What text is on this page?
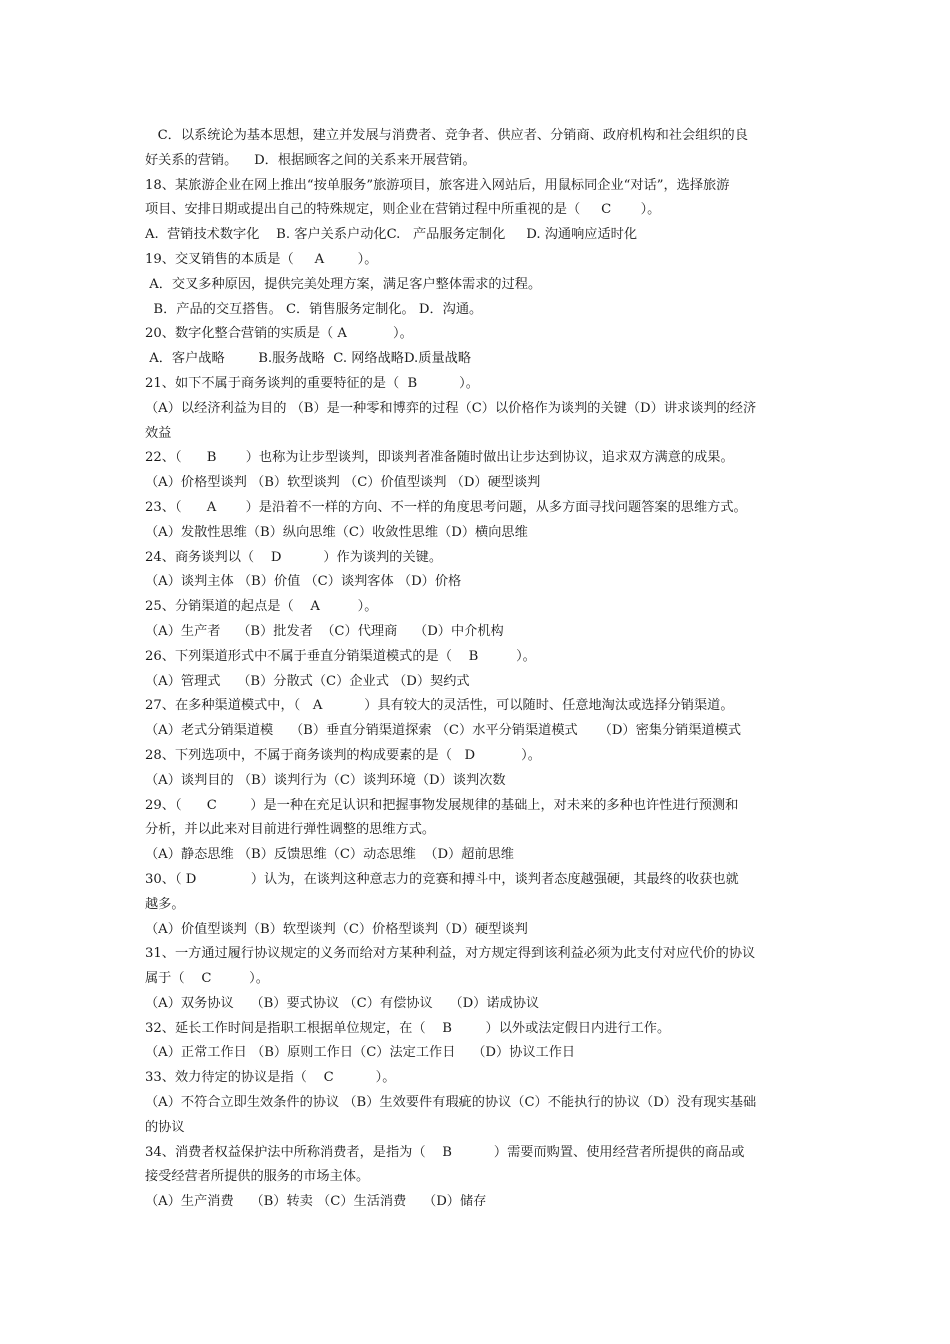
C．以系统论为基本思想，建立并发展与消费者、竞争者、供应者、分销商、政府机构和社会组织的良
好关系的营销。    D．根据顾客之间的关系来开展营销。
18、某旅游企业在网上推出“按单服务”旅游项目，旅客进入网站后，用鼠标同企业“对话”，选择旅游
项目、安排日期或提出自己的特殊规定，则企业在营销过程中所重视的是（     C       ）。
A.  营销技术数字化    B. 客户关系户动化C.   产品服务定制化     D. 沟通响应适时化
19、交叉销售的本质是（     A        ）。
A．交叉多种原因，提供完美处理方案，满足客户整体需求的过程。
B．产品的交互搭售。 C．销售服务定制化。 D．沟通。
20、数字化整合营销的实质是（ A           ）。
A．客户战略        B.服务战略  C. 网络战略D.质量战略
21、如下不属于商务谈判的重要特征的是（  B          ）。
（A）以经济利益为目的 （B）是一种零和博弈的过程（C）以价格作为谈判的关键（D）讲求谈判的经济
效益
22、（      B       ）也称为让步型谈判，即谈判者准备随时做出让步达到协议，追求双方满意的成果。
（A）价格型谈判 （B）软型谈判 （C）价值型谈判 （D）硬型谈判
23、（      A       ）是沿着不一样的方向、不一样的角度思考问题，从多方面寻找问题答案的思维方式。
（A）发散性思维（B）纵向思维（C）收敛性思维（D）横向思维
24、商务谈判以（    D          ）作为谈判的关键。
（A）谈判主体 （B）价值 （C）谈判客体 （D）价格
25、分销渠道的起点是（    A         ）。
（A）生产者    （B）批发者  （C）代理商    （D）中介机构
26、下列渠道形式中不属于垂直分销渠道模式的是（    B         ）。
（A）管理式    （B）分散式（C）企业式 （D）契约式
27、在多种渠道模式中，（   A          ）具有较大的灵活性，可以随时、任意地淘汰或选择分销渠道。
（A）老式分销渠道模    （B）垂直分销渠道探索 （C）水平分销渠道模式     （D）密集分销渠道模式
28、下列选项中，不属于商务谈判的构成要素的是（   D           ）。
（A）谈判目的 （B）谈判行为（C）谈判环境（D）谈判次数
29、（      C        ）是一种在充足认识和把握事物发展规律的基础上，对未来的多种也许性进行预测和
分析，并以此来对目前进行弹性调整的思维方式。
（A）静态思维 （B）反馈思维（C）动态思维  （D）超前思维
30、（ D             ）认为，在谈判这种意志力的竞赛和搏斗中，谈判者态度越强硬，其最终的收获也就
越多。
（A）价值型谈判（B）软型谈判（C）价格型谈判（D）硬型谈判
31、一方通过履行协议规定的义务而给对方某种利益，对方规定得到该利益必须为此支付对应代价的协议
属于（    C         ）。
（A）双务协议    （B）要式协议 （C）有偿协议    （D）诺成协议
32、延长工作时间是指职工根据单位规定，在（    B        ）以外或法定假日内进行工作。
（A）正常工作日 （B）原则工作日（C）法定工作日    （D）协议工作日
33、效力待定的协议是指（    C          ）。
（A）不符合立即生效条件的协议 （B）生效要件有瑕疵的协议（C）不能执行的协议（D）没有现实基础
的协议
34、消费者权益保护法中所称消费者，是指为（    B          ）需要而购置、使用经营者所提供的商品或
接受经营者所提供的服务的市场主体。
（A）生产消费    （B）转卖 （C）生活消费    （D）储存
